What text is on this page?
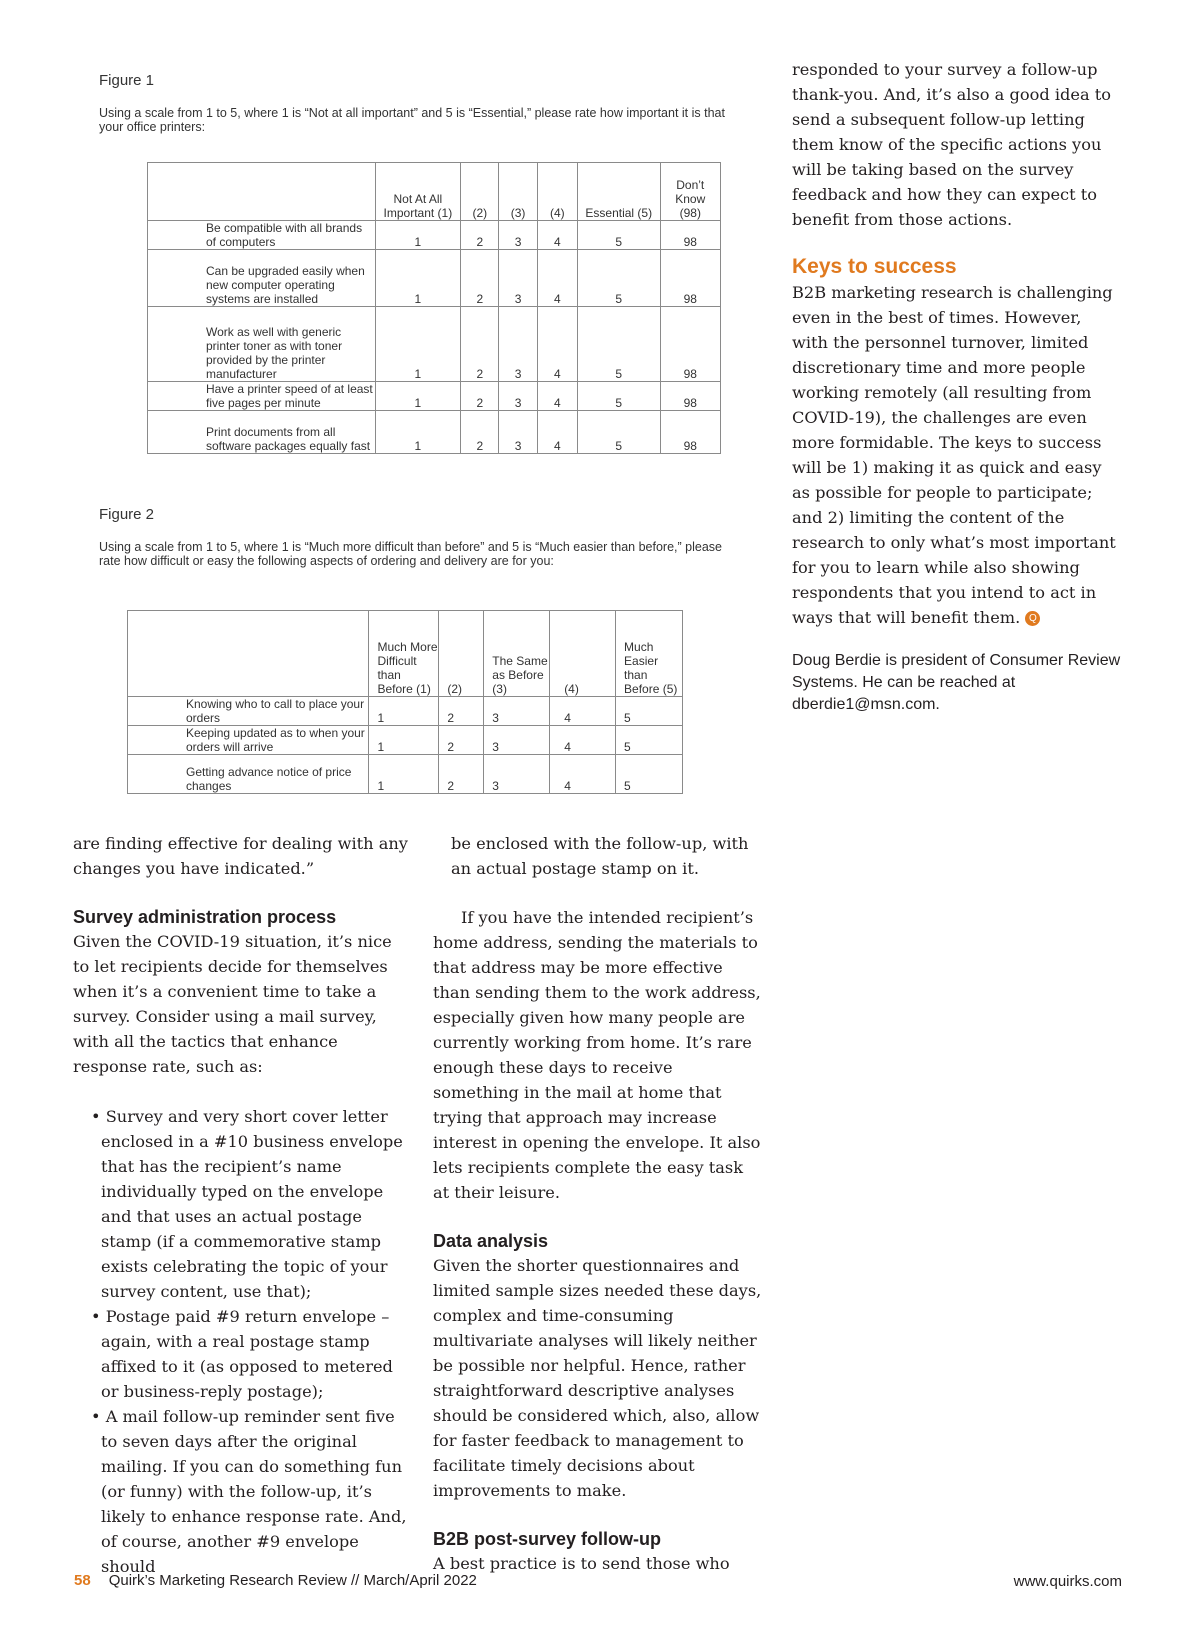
Figure 1
Using a scale from 1 to 5, where 1 is “Not at all important” and 5 is “Essential,” please rate how important it is that your office printers:
	Not At All Important (1)	(2)	(3)	(4)	Essential (5)	Don’t Know (98)
Be compatible with all brands of computers	1	2	3	4	5	98
Can be upgraded easily when new computer operating systems are installed	1	2	3	4	5	98
Work as well with generic printer toner as with toner provided by the printer manufacturer	1	2	3	4	5	98
Have a printer speed of at least five pages per minute	1	2	3	4	5	98
Print documents from all software packages equally fast	1	2	3	4	5	98
Figure 2
Using a scale from 1 to 5, where 1 is “Much more difficult than before” and 5 is “Much easier than before,” please rate how difficult or easy the following aspects of ordering and delivery are for you:
	Much More Difficult than Before (1)	(2)	The Same as Before (3)	(4)	Much Easier than Before (5)
Knowing who to call to place your orders	1	2	3	4	5
Keeping updated as to when your orders will arrive	1	2	3	4	5
Getting advance notice of price changes	1	2	3	4	5

responded to your survey a follow-up thank-you. And, it’s also a good idea to send a subsequent follow-up letting them know of the specific actions you will be taking based on the survey feedback and how they can expect to benefit from those actions.

Keys to success

B2B marketing research is challenging even in the best of times. However, with the personnel turnover, limited discretionary time and more people working remotely (all resulting from COVID-19), the challenges are even more formidable. The keys to success will be 1) making it as quick and easy as possible for people to participate; and 2) limiting the content of the research to only what’s most important for you to learn while also showing respondents that you intend to act in ways that will benefit them. Q

Doug Berdie is president of Consumer Review Systems. He can be reached at dberdie1@msn.com.

are finding effective for dealing with any changes you have indicated.”

Survey administration process

Given the COVID-19 situation, it’s nice to let recipients decide for themselves when it’s a convenient time to take a survey. Consider using a mail survey, with all the tactics that enhance response rate, such as:

• Survey and very short cover letter enclosed in a #10 business envelope that has the recipient’s name individually typed on the envelope and that uses an actual postage stamp (if a commemorative stamp exists celebrating the topic of your survey content, use that);

• Postage paid #9 return envelope – again, with a real postage stamp affixed to it (as opposed to metered or business-reply postage);

• A mail follow-up reminder sent five to seven days after the original mailing. If you can do something fun (or funny) with the follow-up, it’s likely to enhance response rate. And, of course, another #9 envelope should

be enclosed with the follow-up, with an actual postage stamp on it.

If you have the intended recipient’s home address, sending the materials to that address may be more effective than sending them to the work address, especially given how many people are currently working from home. It’s rare enough these days to receive something in the mail at home that trying that approach may increase interest in opening the envelope. It also lets recipients complete the easy task at their leisure.

Data analysis

Given the shorter questionnaires and limited sample sizes needed these days, complex and time-consuming multivariate analyses will likely neither be possible nor helpful. Hence, rather straightforward descriptive analyses should be considered which, also, allow for faster feedback to management to facilitate timely decisions about improvements to make.

B2B post-survey follow-up

A best practice is to send those who

58 Quirk’s Marketing Research Review // March/April 2022	www.quirks.com
